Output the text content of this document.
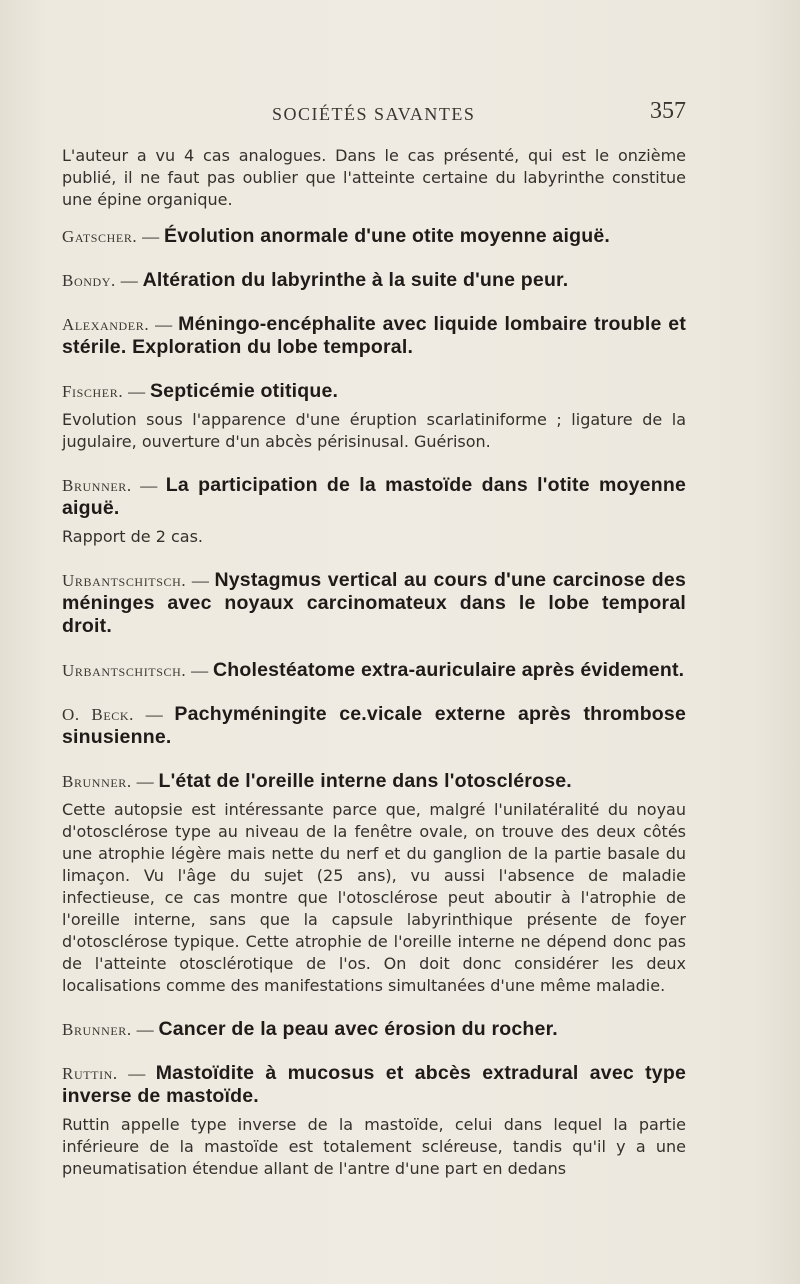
SOCIÉTÉS SAVANTES	357

L'auteur a vu 4 cas analogues. Dans le cas présenté, qui est le onzième publié, il ne faut pas oublier que l'atteinte certaine du labyrinthe constitue une épine organique.

Gatscher. — Évolution anormale d'une otite moyenne aiguë.

Bondy. — Altération du labyrinthe à la suite d'une peur.

Alexander. — Méningo-encéphalite avec liquide lombaire trouble et stérile. Exploration du lobe temporal.

Fischer. — Septicémie otitique.

Evolution sous l'apparence d'une éruption scarlatiniforme ; ligature de la jugulaire, ouverture d'un abcès périsinusal. Guérison.

Brunner. — La participation de la mastoïde dans l'otite moyenne aiguë.

Rapport de 2 cas.

Urbantschitsch. — Nystagmus vertical au cours d'une carcinose des méninges avec noyaux carcinomateux dans le lobe temporal droit.

Urbantschitsch. — Cholestéatome extra-auriculaire après évidement.

O. Beck. — Pachyméningite ce.vicale externe après thrombose sinusienne.

Brunner. — L'état de l'oreille interne dans l'otosclérose.

Cette autopsie est intéressante parce que, malgré l'unilatéralité du noyau d'otosclérose type au niveau de la fenêtre ovale, on trouve des deux côtés une atrophie légère mais nette du nerf et du ganglion de la partie basale du limaçon. Vu l'âge du sujet (25 ans), vu aussi l'absence de maladie infectieuse, ce cas montre que l'otosclérose peut aboutir à l'atrophie de l'oreille interne, sans que la capsule labyrinthique présente de foyer d'otosclérose typique. Cette atrophie de l'oreille interne ne dépend donc pas de l'atteinte otosclérotique de l'os. On doit donc considérer les deux localisations comme des manifestations simultanées d'une même maladie.

Brunner. — Cancer de la peau avec érosion du rocher.

Ruttin. — Mastoïdite à mucosus et abcès extradural avec type inverse de mastoïde.

Ruttin appelle type inverse de la mastoïde, celui dans lequel la partie inférieure de la mastoïde est totalement scléreuse, tandis qu'il y a une pneumatisation étendue allant de l'antre d'une part en dedans
